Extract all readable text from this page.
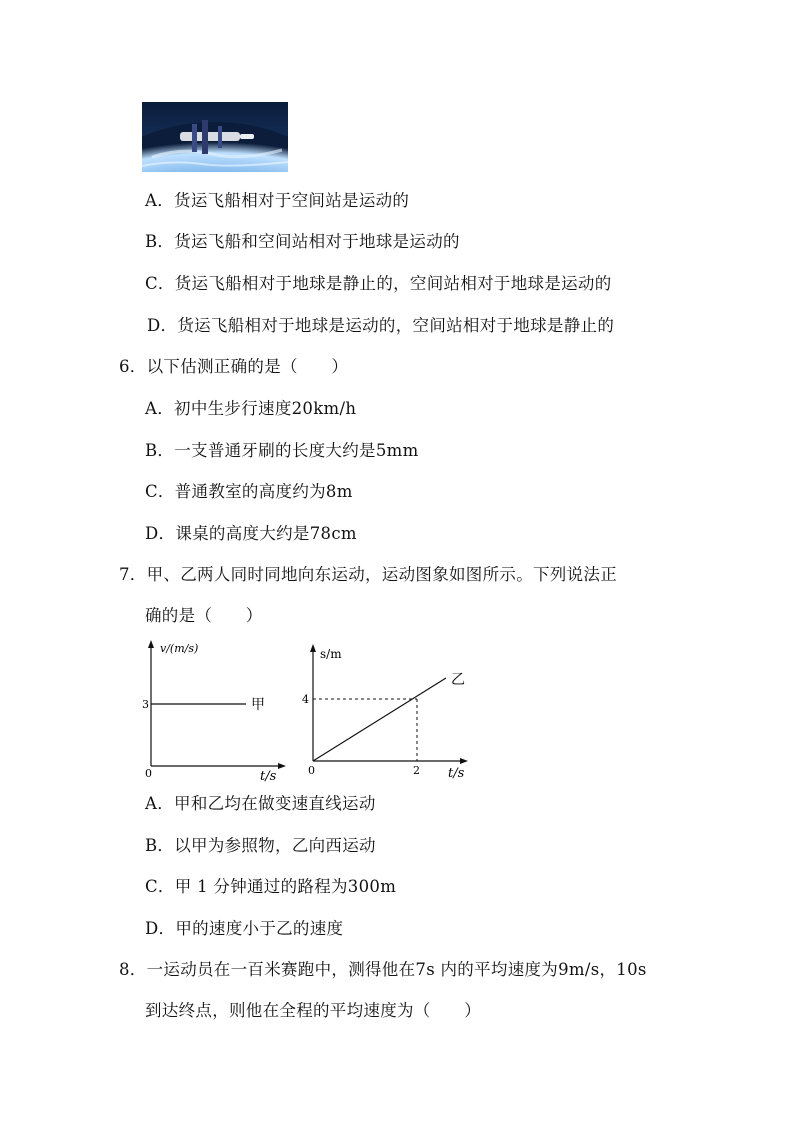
A．货运飞船相对于空间站是运动的
B．货运飞船和空间站相对于地球是运动的
C．货运飞船相对于地球是静止的，空间站相对于地球是运动的
D．货运飞船相对于地球是运动的，空间站相对于地球是静止的
6．以下估测正确的是（　　）
A．初中生步行速度20km/h
B．一支普通牙刷的长度大约是5mm
C．普通教室的高度约为8m
D．课桌的高度大约是78cm
7．甲、乙两人同时同地向东运动，运动图象如图所示。下列说法正
确的是（　　）
v/(m/s)
3	甲
0	t/s
s/m
4
乙
0	2 t/s
A．甲和乙均在做变速直线运动
B．以甲为参照物，乙向西运动
C．甲 1 分钟通过的路程为300m
D．甲的速度小于乙的速度
8．一运动员在一百米赛跑中，测得他在7s 内的平均速度为9m/s，10s
到达终点，则他在全程的平均速度为（　　）
